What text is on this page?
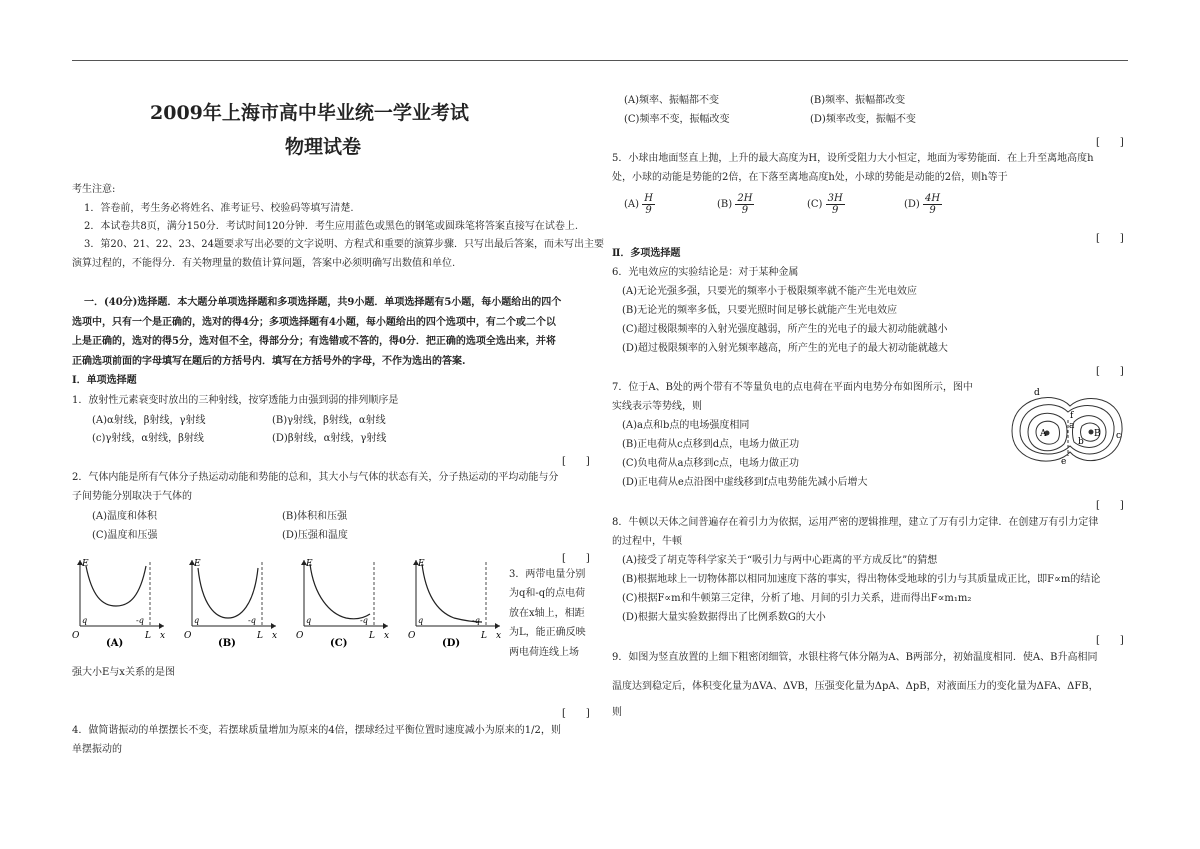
2009年上海市高中毕业统一学业考试
物理试卷
考生注意:
1．答卷前，考生务必将姓名、准考证号、校验码等填写清楚.
2．本试卷共8页，满分150分．考试时间120分钟．考生应用蓝色或黑色的钢笔或圆珠笔将答案直接写在试卷上.
3．第20、21、22、23、24题要求写出必要的文字说明、方程式和重要的演算步骤．只写出最后答案，而未写出主要
演算过程的，不能得分．有关物理量的数值计算问题，答案中必须明确写出数值和单位.
一．(40分)选择题．本大题分单项选择题和多项选择题，共9小题．单项选择题有5小题，每小题给出的四个
选项中，只有一个是正确的，选对的得4分；多项选择题有4小题，每小题给出的四个选项中，有二个或二个以
上是正确的，选对的得5分，选对但不全，得部分分；有选错或不答的，得0分．把正确的选项全选出来，并将
正确选项前面的字母填写在题后的方括号内．填写在方括号外的字母，不作为选出的答案.
Ⅰ．单项选择题
1．放射性元素衰变时放出的三种射线，按穿透能力由强到弱的排列顺序是
(A)α射线，β射线，γ射线	(B)γ射线，β射线，α射线
(c)γ射线，α射线，β射线	(D)β射线，α射线，γ射线
[　　]
2．气体内能是所有气体分子热运动动能和势能的总和，其大小与气体的状态有关，分子热运动的平均动能与分
子间势能分别取决于气体的
(A)温度和体积	(B)体积和压强
(C)温度和压强	(D)压强和温度
[　　]
E
O	L x
q	-q
(A)
E
O	L x
q	-q
(B)
E
O	L x
q	-q
(C)
E
O	L x
q	-q
(D)
3．两带电量分别
为q和-q的点电荷
放在x轴上，相距
为L，能正确反映
两电荷连线上场
强大小E与x关系的是图
[　　]
4．做简谐振动的单摆摆长不变，若摆球质量增加为原来的4倍，摆球经过平衡位置时速度减小为原来的1/2，则
单摆振动的
(A)频率、振幅都不变	(B)频率、振幅都改变
(C)频率不变，振幅改变	(D)频率改变，振幅不变
[　　]
5．小球由地面竖直上抛，上升的最大高度为H，设所受阻力大小恒定，地面为零势能面．在上升至离地高度h
处，小球的动能是势能的2倍，在下落至离地高度h处，小球的势能是动能的2倍，则h等于
$(A) \frac{H}{9}$	$(B) \frac{2H}{9}$	$(C) \frac{3H}{9}$	$(D) \frac{4H}{9}$
[　　]
Ⅱ．多项选择题
6．光电效应的实验结论是：对于某种金属
(A)无论光强多强，只要光的频率小于极限频率就不能产生光电效应
(B)无论光的频率多低，只要光照时间足够长就能产生光电效应
(C)超过极限频率的入射光强度越弱，所产生的光电子的最大初动能就越小
(D)超过极限频率的入射光频率越高，所产生的光电子的最大初动能就越大
[　　]
7．位于A、B处的两个带有不等量负电的点电荷在平面内电势分布如图所示，图中
实线表示等势线，则
(A)a点和b点的电场强度相同
(B)正电荷从c点移到d点，电场力做正功
(C)负电荷从a点移到c点，电场力做正功
(D)正电荷从e点沿图中虚线移到f点电势能先减小后增大
A	B
a
b
c
d
e
f
[　　]
8．牛顿以天体之间普遍存在着引力为依据，运用严密的逻辑推理，建立了万有引力定律．在创建万有引力定律
的过程中，牛顿
(A)接受了胡克等科学家关于“吸引力与两中心距离的平方成反比”的猜想
(B)根据地球上一切物体都以相同加速度下落的事实，得出物体受地球的引力与其质量成正比，即F∝m的结论
(C)根据F∝m和牛顿第三定律，分析了地、月间的引力关系，进而得出F∝m₁m₂
(D)根据大量实验数据得出了比例系数G的大小
[　　]
9．如图为竖直放置的上细下粗密闭细管，水银柱将气体分隔为A、B两部分，初始温度相同．使A、B升高相同
温度达到稳定后，体积变化量为ΔVA、ΔVB，压强变化量为ΔpA、ΔpB，对液面压力的变化量为ΔFA、ΔFB，
则
